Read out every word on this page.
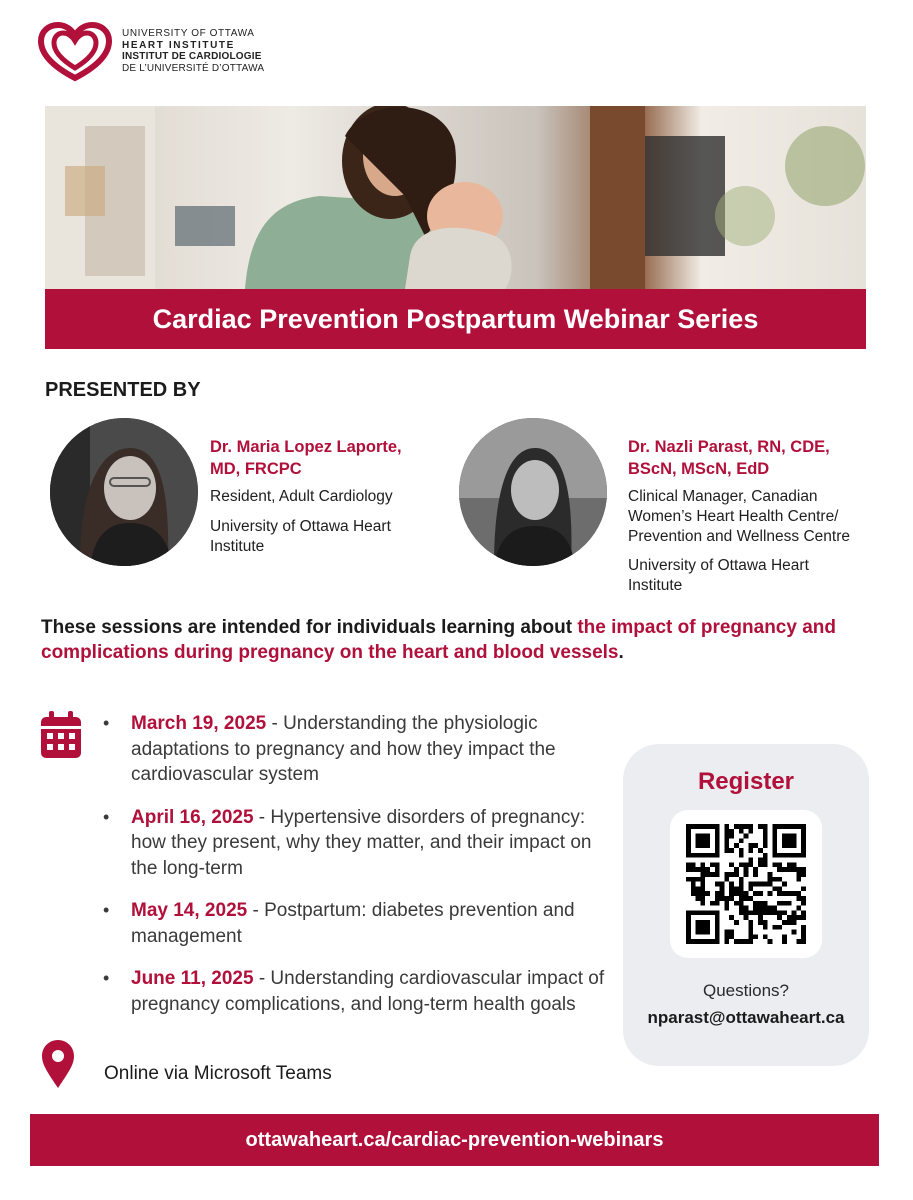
UNIVERSITY OF OTTAWA
HEART INSTITUTE
INSTITUT DE CARDIOLOGIE
DE L’UNIVERSITÉ D’OTTAWA
Cardiac Prevention Postpartum Webinar Series
PRESENTED BY
Dr. Maria Lopez Laporte,
MD, FRCPC
Resident, Adult Cardiology
University of Ottawa Heart
Institute
Dr. Nazli Parast, RN, CDE,
BScN, MScN, EdD
Clinical Manager, Canadian
Women’s Heart Health Centre/
Prevention and Wellness Centre
University of Ottawa Heart
Institute
These sessions are intended for individuals learning about the impact of pregnancy and complications during pregnancy on the heart and blood vessels.
• March 19, 2025 - Understanding the physiologic adaptations to pregnancy and how they impact the cardiovascular system
• April 16, 2025 - Hypertensive disorders of pregnancy: how they present, why they matter, and their impact on the long-term
• May 14, 2025 - Postpartum: diabetes prevention and management
• June 11, 2025 - Understanding cardiovascular impact of pregnancy complications, and long-term health goals
Online via Microsoft Teams
Register
Questions?
nparast@ottawaheart.ca
ottawaheart.ca/cardiac-prevention-webinars
